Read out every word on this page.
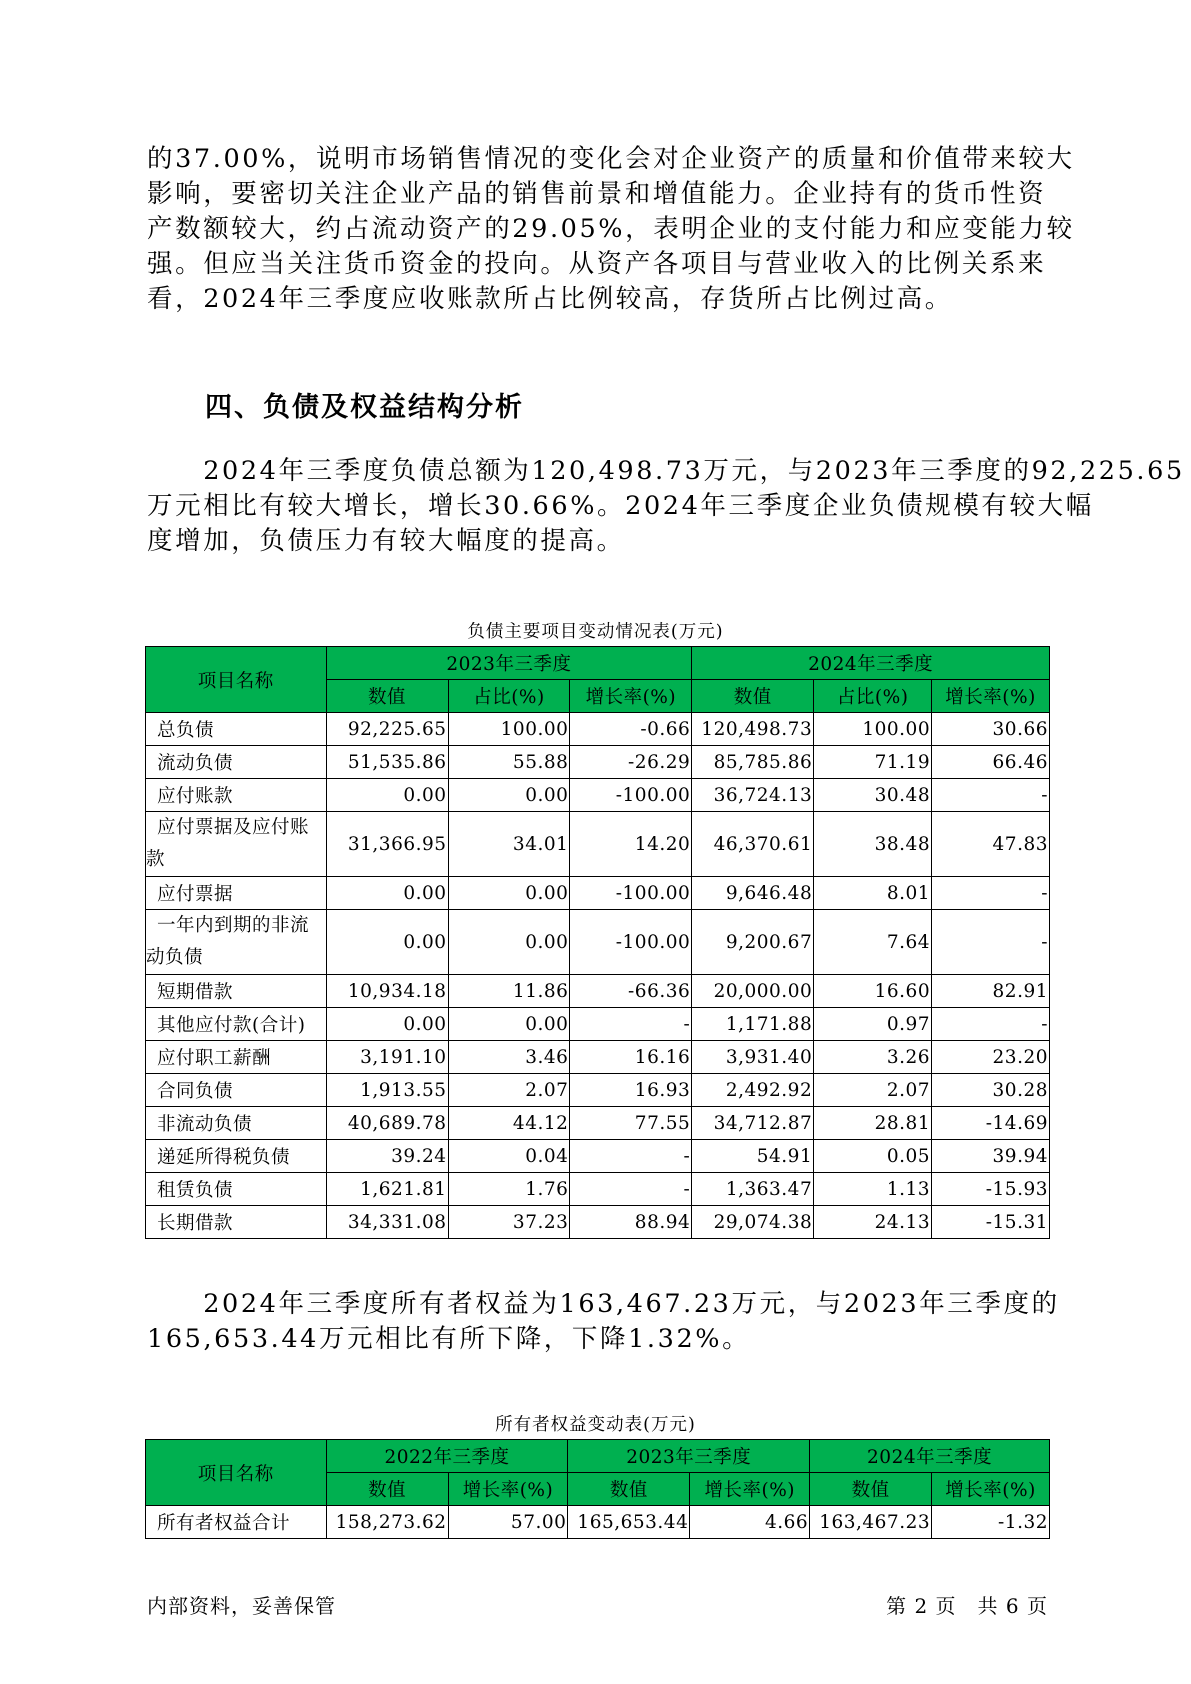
的37.00%，说明市场销售情况的变化会对企业资产的质量和价值带来较大
影响，要密切关注企业产品的销售前景和增值能力。企业持有的货币性资
产数额较大，约占流动资产的29.05%，表明企业的支付能力和应变能力较
强。但应当关注货币资金的投向。从资产各项目与营业收入的比例关系来
看，2024年三季度应收账款所占比例较高，存货所占比例过高。
四、负债及权益结构分析
　　2024年三季度负债总额为120,498.73万元，与2023年三季度的92,225.65
万元相比有较大增长，增长30.66%。2024年三季度企业负债规模有较大幅
度增加，负债压力有较大幅度的提高。
负债主要项目变动情况表(万元)
项目名称	2023年三季度			2024年三季度		
	数值	占比(%)	增长率(%)	数值	占比(%)	增长率(%)
总负债	92,225.65	100.00	-0.66	120,498.73	100.00	30.66
流动负债	51,535.86	55.88	-26.29	85,785.86	71.19	66.46
应付账款	0.00	0.00	-100.00	36,724.13	30.48	-

应付票据及应付账
款	31,366.95	34.01	14.20	46,370.61	38.48	47.83
应付票据	0.00	0.00	-100.00	9,646.48	8.01	-

一年内到期的非流
动负债	0.00	0.00	-100.00	9,200.67	7.64	-
短期借款	10,934.18	11.86	-66.36	20,000.00	16.60	82.91
其他应付款(合计)	0.00	0.00	-	1,171.88	0.97	-
应付职工薪酬	3,191.10	3.46	16.16	3,931.40	3.26	23.20
合同负债	1,913.55	2.07	16.93	2,492.92	2.07	30.28
非流动负债	40,689.78	44.12	77.55	34,712.87	28.81	-14.69
递延所得税负债	39.24	0.04	-	54.91	0.05	39.94
租赁负债	1,621.81	1.76	-	1,363.47	1.13	-15.93
长期借款	34,331.08	37.23	88.94	29,074.38	24.13	-15.31
　　2024年三季度所有者权益为163,467.23万元，与2023年三季度的
165,653.44万元相比有所下降，下降1.32%。
所有者权益变动表(万元)
项目名称	2022年三季度		2023年三季度		2024年三季度	
	数值	增长率(%)	数值	增长率(%)	数值	增长率(%)
所有者权益合计	158,273.62	57.00	165,653.44	4.66	163,467.23	-1.32
内部资料，妥善保管	第 2 页　共 6 页
